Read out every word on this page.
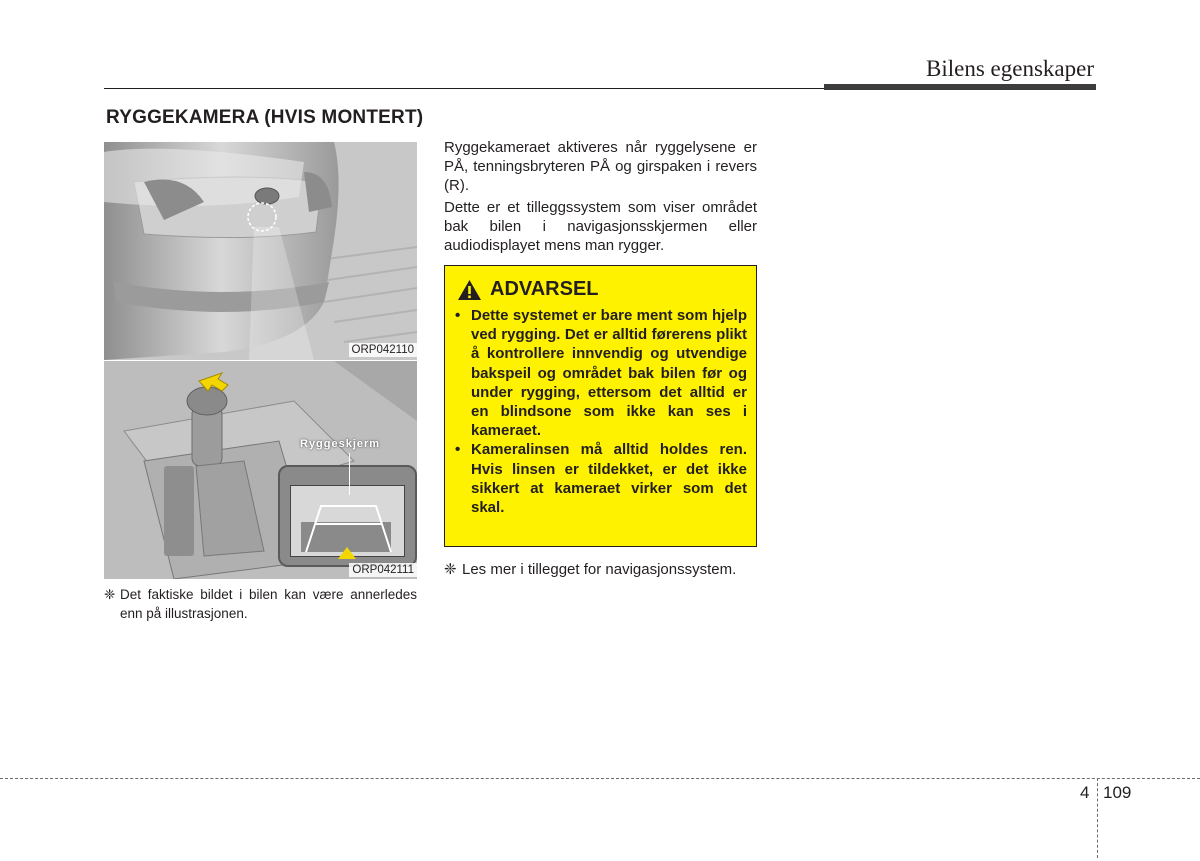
Bilens egenskaper
RYGGEKAMERA (HVIS MONTERT)
ORP042110
Ryggeskjerm
ORP042111
❈ Det faktiske bildet i bilen kan være annerledes enn på illustrasjonen.

Ryggekameraet aktiveres når ryggelysene er PÅ, tenningsbryteren PÅ og girspaken i revers (R).

Dette er et tilleggssystem som viser området bak bilen i navigasjonsskjermen eller audiodisplayet mens man rygger.

ADVARSEL
• Dette systemet er bare ment som hjelp ved rygging. Det er alltid førerens plikt å kontrollere innvendig og utvendige bakspeil og området bak bilen før og under rygging, ettersom det alltid er en blindsone som ikke kan ses i kameraet.
• Kameralinsen må alltid holdes ren. Hvis linsen er tildekket, er det ikke sikkert at kameraet virker som det skal.
❈ Les mer i tillegget for navigasjonssystem.
4 109
